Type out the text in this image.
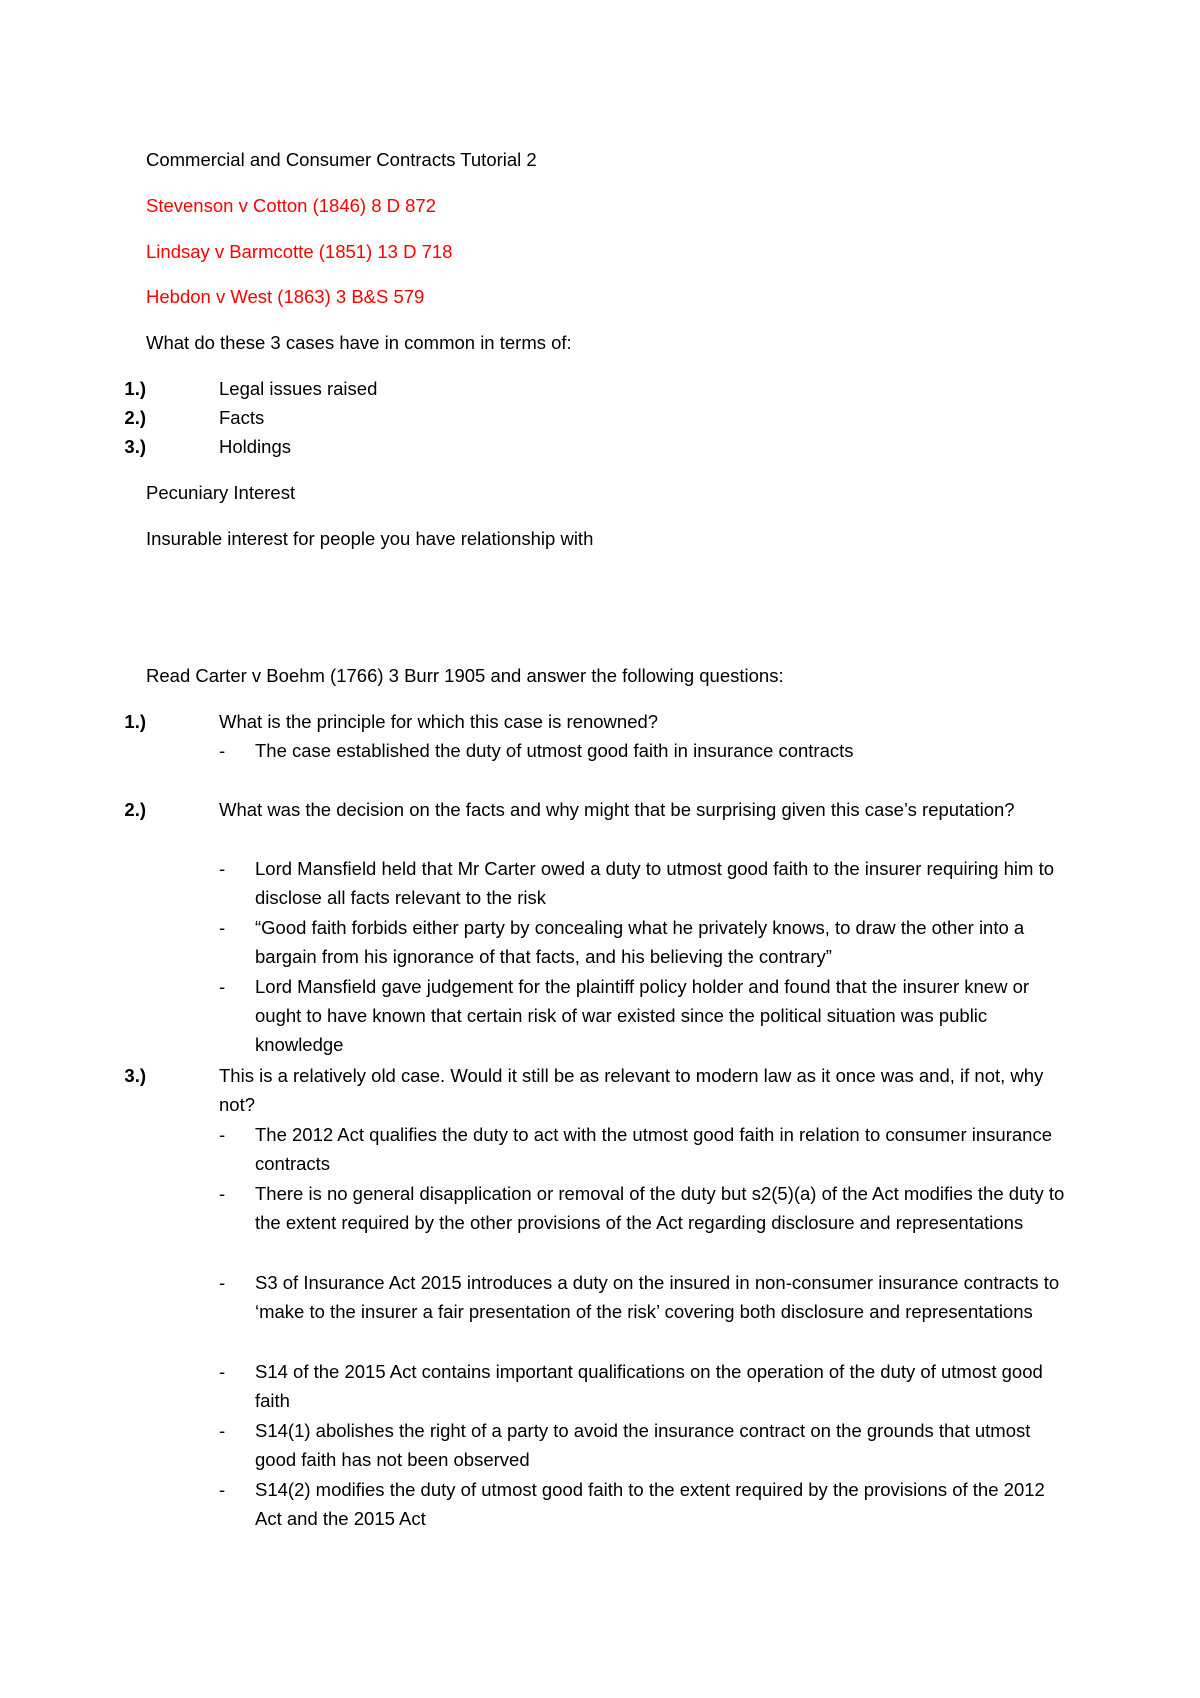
Commercial and Consumer Contracts Tutorial 2
Stevenson v Cotton (1846) 8 D 872
Lindsay v Barmcotte (1851) 13 D 718
Hebdon v West (1863) 3 B&S 579
What do these 3 cases have in common in terms of:
1.)	Legal issues raised
2.)	Facts
3.)	Holdings
Pecuniary Interest
Insurable interest for people you have relationship with
Read Carter v Boehm (1766) 3 Burr 1905 and answer the following questions:
1.)	What is the principle for which this case is renowned?
- The case established the duty of utmost good faith in insurance contracts
2.)	What was the decision on the facts and why might that be surprising given this case’s reputation?
- Lord Mansfield held that Mr Carter owed a duty to utmost good faith to the insurer requiring him to disclose all facts relevant to the risk
- “Good faith forbids either party by concealing what he privately knows, to draw the other into a bargain from his ignorance of that facts, and his believing the contrary”
- Lord Mansfield gave judgement for the plaintiff policy holder and found that the insurer knew or ought to have known that certain risk of war existed since the political situation was public knowledge
3.)	This is a relatively old case. Would it still be as relevant to modern law as it once was and, if not, why not?
- The 2012 Act qualifies the duty to act with the utmost good faith in relation to consumer insurance contracts
- There is no general disapplication or removal of the duty but s2(5)(a) of the Act modifies the duty to the extent required by the other provisions of the Act regarding disclosure and representations
- S3 of Insurance Act 2015 introduces a duty on the insured in non-consumer insurance contracts to ‘make to the insurer a fair presentation of the risk’ covering both disclosure and representations
- S14 of the 2015 Act contains important qualifications on the operation of the duty of utmost good faith
- S14(1) abolishes the right of a party to avoid the insurance contract on the grounds that utmost good faith has not been observed
- S14(2) modifies the duty of utmost good faith to the extent required by the provisions of the 2012 Act and the 2015 Act
